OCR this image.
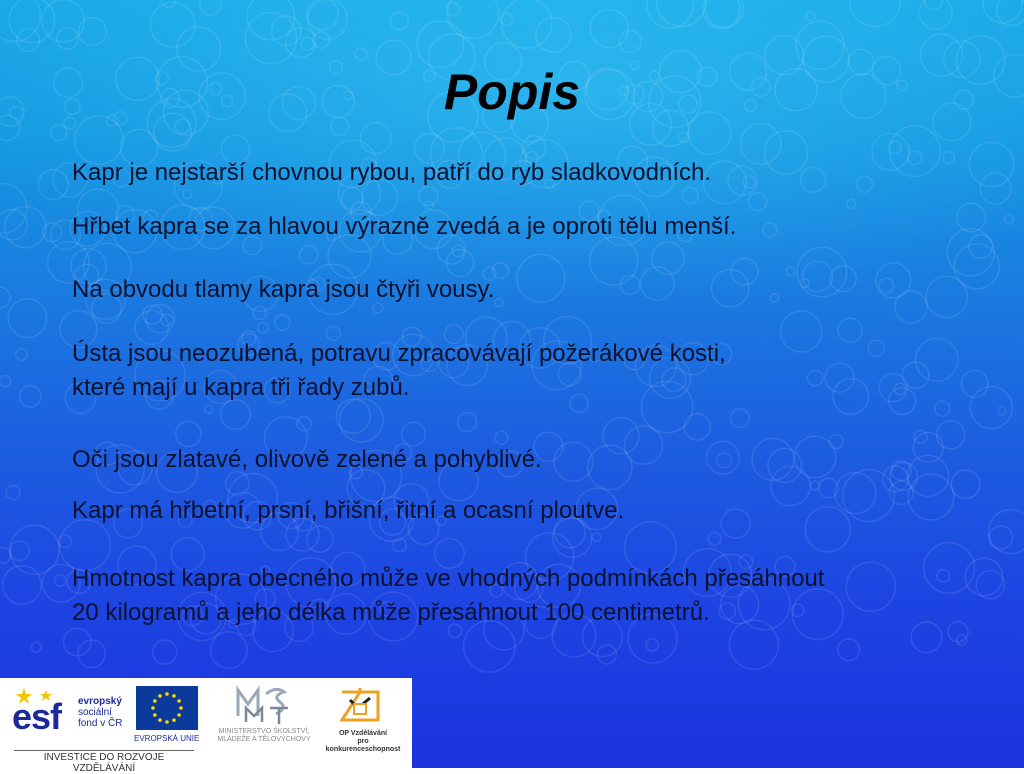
Popis

Kapr je nejstarší chovnou rybou, patří do ryb sladkovodních.

Hřbet kapra se za hlavou výrazně zvedá a je oproti tělu menší.

Na obvodu tlamy kapra jsou čtyři vousy.

Ústa jsou neozubená, potravu zpracovávají požerákové kosti,
které mají u kapra tři řady zubů.

Oči jsou zlatavé, olivově zelené a pohyblivé.

Kapr má hřbetní, prsní, břišní, řitní a ocasní ploutve.

Hmotnost kapra obecného může ve vhodných podmínkách přesáhnout
20 kilogramů a jeho délka může přesáhnout 100 centimetrů.

esf evropský
sociální
fond v ČR
EVROPSKÁ UNIE
MINISTERSTVO ŠKOLSTVÍ,
MLÁDEŽE A TĚLOVÝCHOVY
OP Vzdělávání
pro konkurenceschopnost
INVESTICE DO ROZVOJE VZDĚLÁVÁNÍ
